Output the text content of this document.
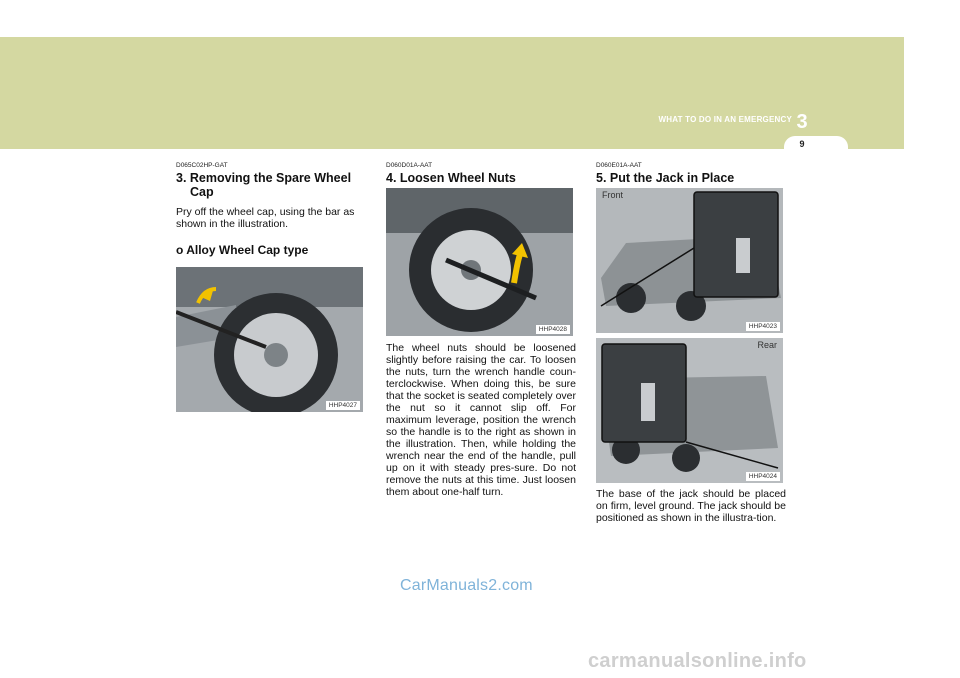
WHAT TO DO IN AN EMERGENCY 3
9

D065C02HP-GAT

3. Removing the Spare Wheel
Cap

Pry off the wheel cap, using the bar as shown in the illustration.

o Alloy Wheel Cap type

HHP4027

D060D01A-AAT

4. Loosen Wheel Nuts

HHP4028

The wheel nuts should be loosened slightly before raising the car. To loosen the nuts, turn the wrench handle coun-terclockwise. When doing this, be sure that the socket is seated completely over the nut so it cannot slip off. For maximum leverage, position the wrench so the handle is to the right as shown in the illustration. Then, while holding the wrench near the end of the handle, pull up on it with steady pres-sure. Do not remove the nuts at this time. Just loosen them about one-half turn.

D060E01A-AAT

5. Put the Jack in Place

Front
HHP4023
Rear
HHP4024

The base of the jack should be placed on firm, level ground. The jack should be positioned as shown in the illustra-tion.

CarManuals2.com
carmanualsonline.info
